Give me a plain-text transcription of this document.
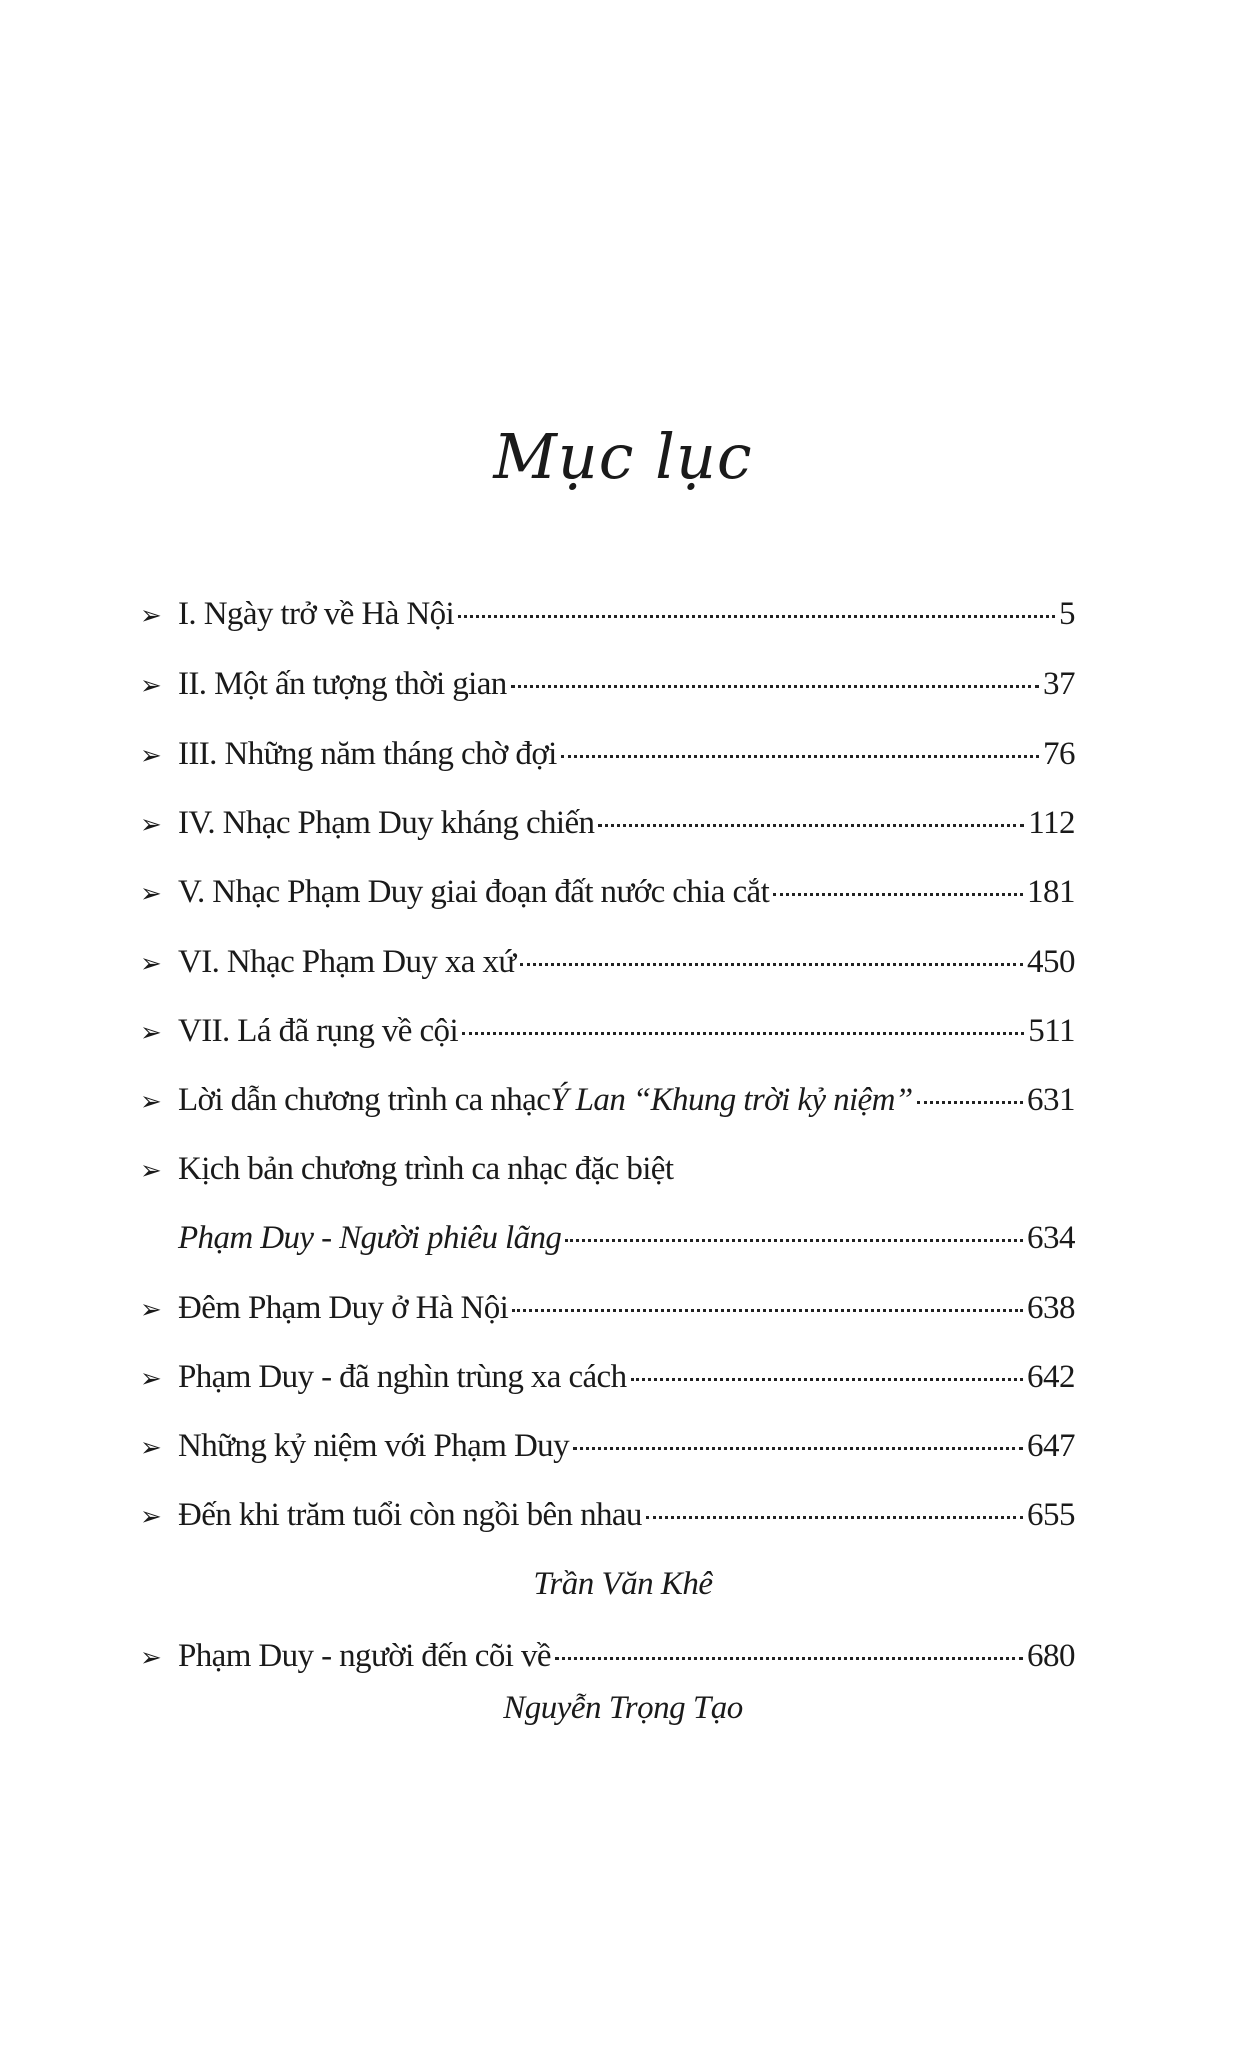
Mục lục
➢ I. Ngày trở về Hà Nội	5
➢ II. Một ấn tượng thời gian	37
➢ III. Những năm tháng chờ đợi	76
➢ IV. Nhạc Phạm Duy kháng chiến	112
➢ V. Nhạc Phạm Duy giai đoạn đất nước chia cắt	181
➢ VI. Nhạc Phạm Duy xa xứ	450
➢ VII. Lá đã rụng về cội	511
➢ Lời dẫn chương trình ca nhạc Ý Lan “Khung trời kỷ niệm”	631
➢ Kịch bản chương trình ca nhạc đặc biệt
Phạm Duy - Người phiêu lãng	634
➢ Đêm Phạm Duy ở Hà Nội	638
➢ Phạm Duy - đã nghìn trùng xa cách	642
➢ Những kỷ niệm với Phạm Duy	647
➢ Đến khi trăm tuổi còn ngồi bên nhau	655
Trần Văn Khê
➢ Phạm Duy - người đến cõi về	680
Nguyễn Trọng Tạo
